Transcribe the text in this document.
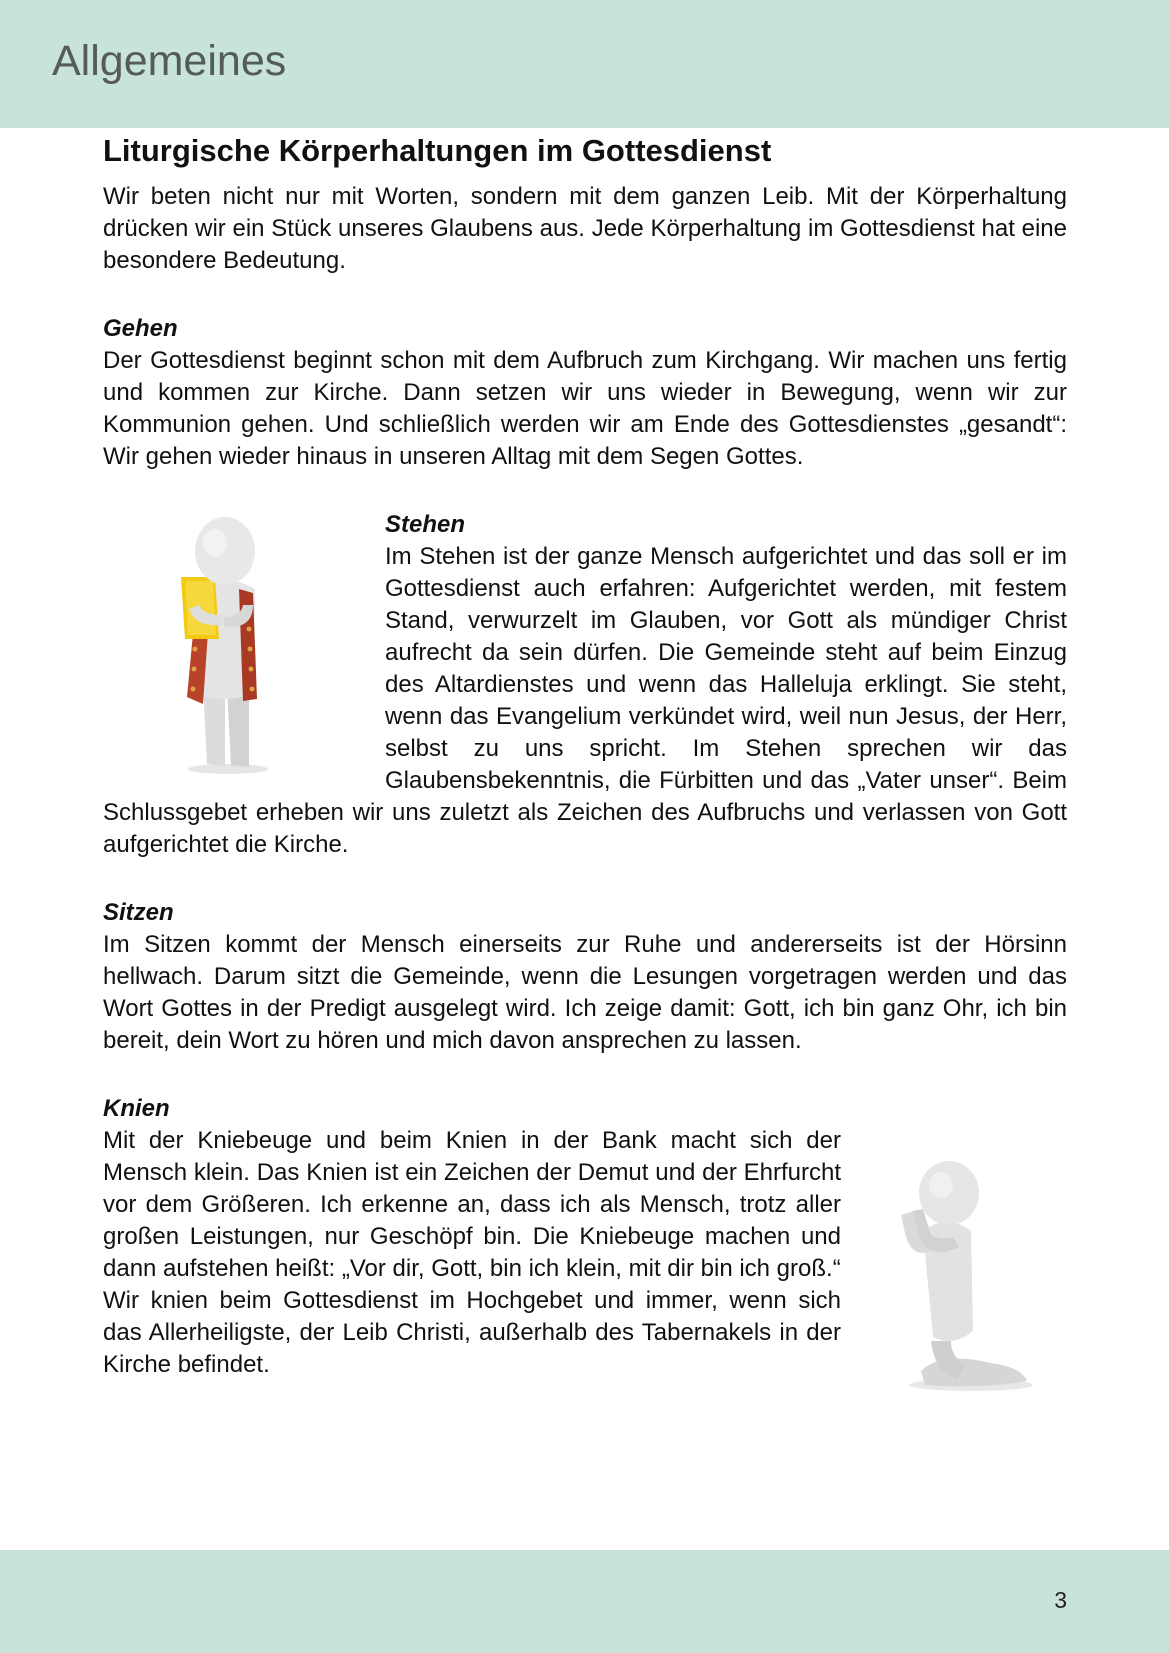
Allgemeines
Liturgische Körperhaltungen im Gottesdienst

Wir beten nicht nur mit Worten, sondern mit dem ganzen Leib. Mit der Körperhaltung drücken wir ein Stück unseres Glaubens aus. Jede Körperhaltung im Gottesdienst hat eine besondere Bedeutung.

Gehen

Der Gottesdienst beginnt schon mit dem Aufbruch zum Kirchgang. Wir machen uns fertig und kommen zur Kirche. Dann setzen wir uns wieder in Bewegung, wenn wir zur Kommunion gehen. Und schließlich werden wir am Ende des Gottesdienstes „gesandt“: Wir gehen wieder hinaus in unseren Alltag mit dem Segen Gottes.

Stehen

Im Stehen ist der ganze Mensch aufgerichtet und das soll er im Gottesdienst auch erfahren: Aufgerichtet werden, mit festem Stand, verwurzelt im Glauben, vor Gott als mündiger Christ aufrecht da sein dürfen. Die Gemeinde steht auf beim Einzug des Altardienstes und wenn das Halleluja erklingt. Sie steht, wenn das Evangelium verkündet wird, weil nun Jesus, der Herr, selbst zu uns spricht. Im Stehen sprechen wir das Glaubensbekenntnis, die Fürbitten und das „Vater unser“. Beim Schlussgebet erheben wir uns zuletzt als Zeichen des Aufbruchs und verlassen von Gott aufgerichtet die Kirche.

Sitzen

Im Sitzen kommt der Mensch einerseits zur Ruhe und andererseits ist der Hörsinn hellwach. Darum sitzt die Gemeinde, wenn die Lesungen vorgetragen werden und das Wort Gottes in der Predigt ausgelegt wird. Ich zeige damit: Gott, ich bin ganz Ohr, ich bin bereit, dein Wort zu hören und mich davon ansprechen zu lassen.

Knien

Mit der Kniebeuge und beim Knien in der Bank macht sich der Mensch klein. Das Knien ist ein Zeichen der Demut und der Ehrfurcht vor dem Größeren. Ich erkenne an, dass ich als Mensch, trotz aller großen Leistungen, nur Geschöpf bin. Die Kniebeuge machen und dann aufstehen heißt: „Vor dir, Gott, bin ich klein, mit dir bin ich groß.“

Wir knien beim Gottesdienst im Hochgebet und immer, wenn sich das Allerheiligste, der Leib Christi, außerhalb des Tabernakels in der Kirche befindet.

3
